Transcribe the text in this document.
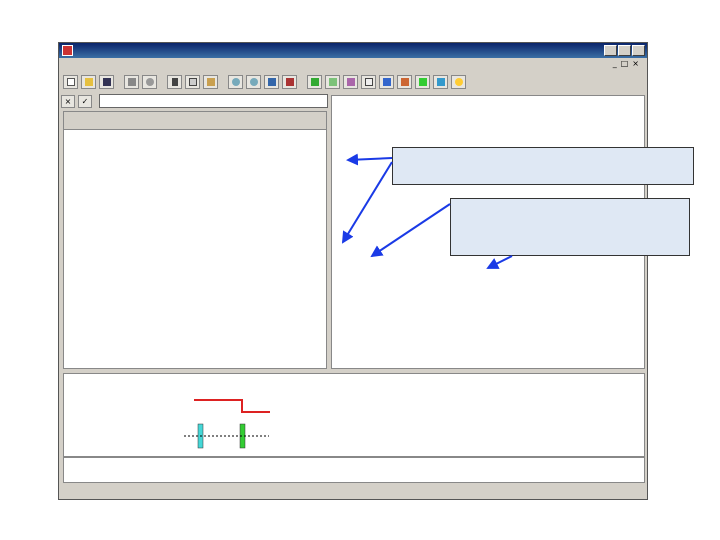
_□×
×	✓
